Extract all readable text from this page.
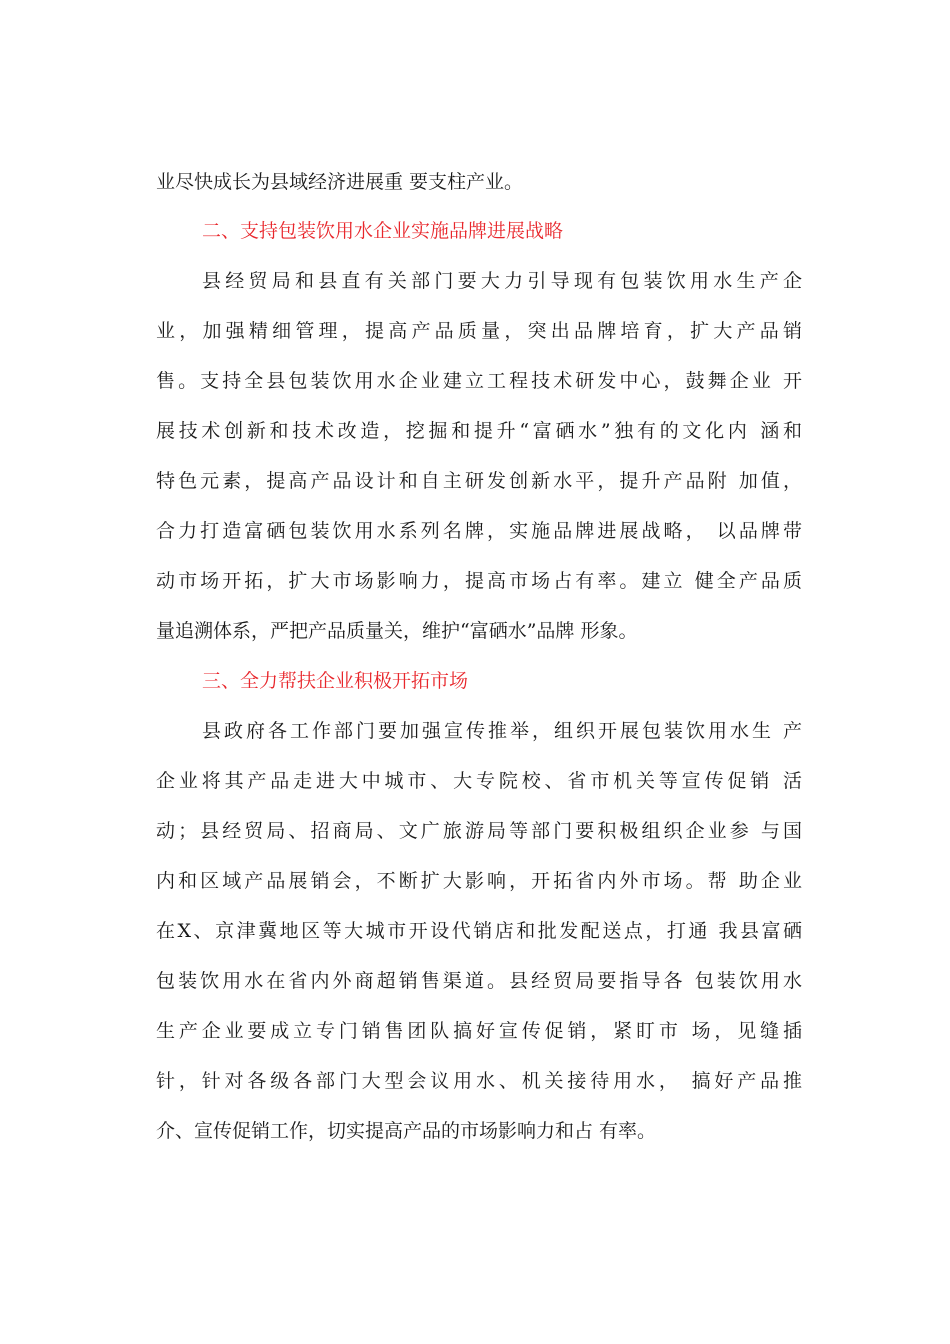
业尽快成长为县域经济进展重 要支柱产业。
二、支持包装饮用水企业实施品牌进展战略
县经贸局和县直有关部门要大力引导现有包装饮用水生产企
业，加强精细管理，提高产品质量，突出品牌培育，扩大产品销
售。支持全县包装饮用水企业建立工程技术研发中心，鼓舞企业 开
展技术创新和技术改造，挖掘和提升“富硒水”独有的文化内 涵和
特色元素，提高产品设计和自主研发创新水平，提升产品附 加值，
合力打造富硒包装饮用水系列名牌，实施品牌进展战略， 以品牌带
动市场开拓，扩大市场影响力，提高市场占有率。建立 健全产品质
量追溯体系，严把产品质量关，维护“富硒水”品牌 形象。
三、全力帮扶企业积极开拓市场
县政府各工作部门要加强宣传推举，组织开展包装饮用水生 产
企业将其产品走进大中城市、大专院校、省市机关等宣传促销 活
动；县经贸局、招商局、文广旅游局等部门要积极组织企业参 与国
内和区域产品展销会，不断扩大影响，开拓省内外市场。帮 助企业
在X、京津冀地区等大城市开设代销店和批发配送点，打通 我县富硒
包装饮用水在省内外商超销售渠道。县经贸局要指导各 包装饮用水
生产企业要成立专门销售团队搞好宣传促销，紧盯市 场，见缝插
针，针对各级各部门大型会议用水、机关接待用水， 搞好产品推
介、宣传促销工作，切实提高产品的市场影响力和占 有率。
